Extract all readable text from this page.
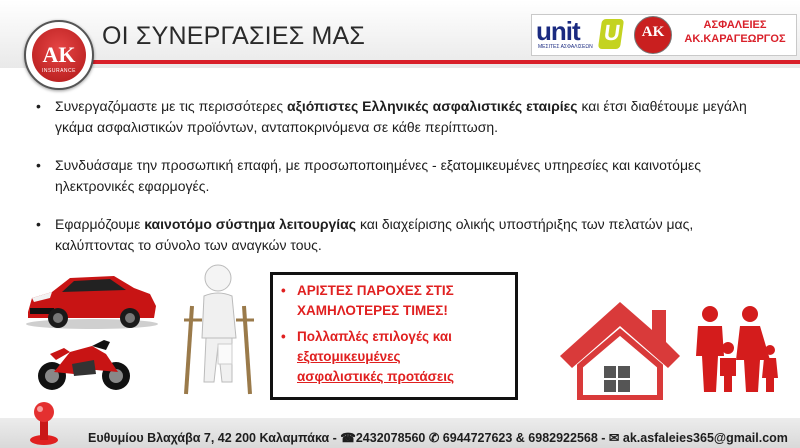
AK
INSURANCE
ΟΙ ΣΥΝΕΡΓΑΣΙΕΣ ΜΑΣ	unit
ΜΕΣΙΤΕΣ ΑΣΦΑΛΙΣΕΩΝ
U	AK	ΑΣΦΑΛΕΙΕΣ
ΑΚ.ΚΑΡΑΓΕΩΡΓΟΣ
• Συνεργαζόμαστε με τις περισσότερες αξιόπιστες Ελληνικές ασφαλιστικές εταιρίες και έτσι διαθέτουμε μεγάλη γκάμα ασφαλιστικών προϊόντων, ανταποκρινόμενα σε κάθε περίπτωση.
• Συνδυάσαμε την προσωπική επαφή, με προσωποποιημένες - εξατομικευμένες υπηρεσίες και καινοτόμες ηλεκτρονικές εφαρμογές.
• Εφαρμόζουμε καινοτόμο σύστημα λειτουργίας και διαχείρισης ολικής υποστήριξης των πελατών μας, καλύπτοντας το σύνολο των αναγκών τους.
• ΑΡΙΣΤΕΣ ΠΑΡΟΧΕΣ ΣΤΙΣ ΧΑΜΗΛΟΤΕΡΕΣ ΤΙΜΕΣ!
• Πολλαπλές επιλογές και
εξατομικευμένες
ασφαλιστικές προτάσεις
Ευθυμίου Βλαχάβα 7, 42 200 Καλαμπάκα - ☎2432078560 ✆ 6944727623 & 6982922568 - ✉ ak.asfaleies365@gmail.com
